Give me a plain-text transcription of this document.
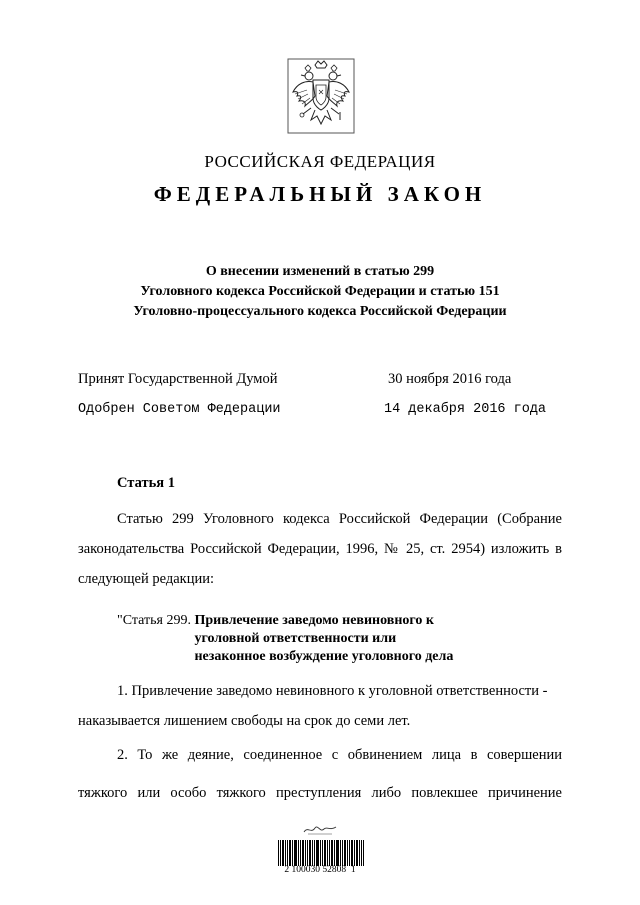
РОССИЙСКАЯ ФЕДЕРАЦИЯ
ФЕДЕРАЛЬНЫЙ ЗАКОН
О внесении изменений в статью 299
Уголовного кодекса Российской Федерации и статью 151
Уголовно-процессуального кодекса Российской Федерации
Принят Государственной Думой	30 ноября 2016 года
Одобрен Советом Федерации	14 декабря 2016 года
Статья 1
Статью 299 Уголовного кодекса Российской Федерации (Собрание
законодательства Российской Федерации, 1996, № 25, ст. 2954) изложить в
следующей редакции:
"Статья 299. Привлечение заведомо невиновного к
уголовной ответственности или
незаконное возбуждение уголовного дела
1. Привлечение заведомо невиновного к уголовной ответственности -
наказывается лишением свободы на срок до семи лет.
2. То же деяние, соединенное с обвинением лица в совершении
тяжкого или особо тяжкого преступления либо повлекшее причинение
2 100030 52808  1
